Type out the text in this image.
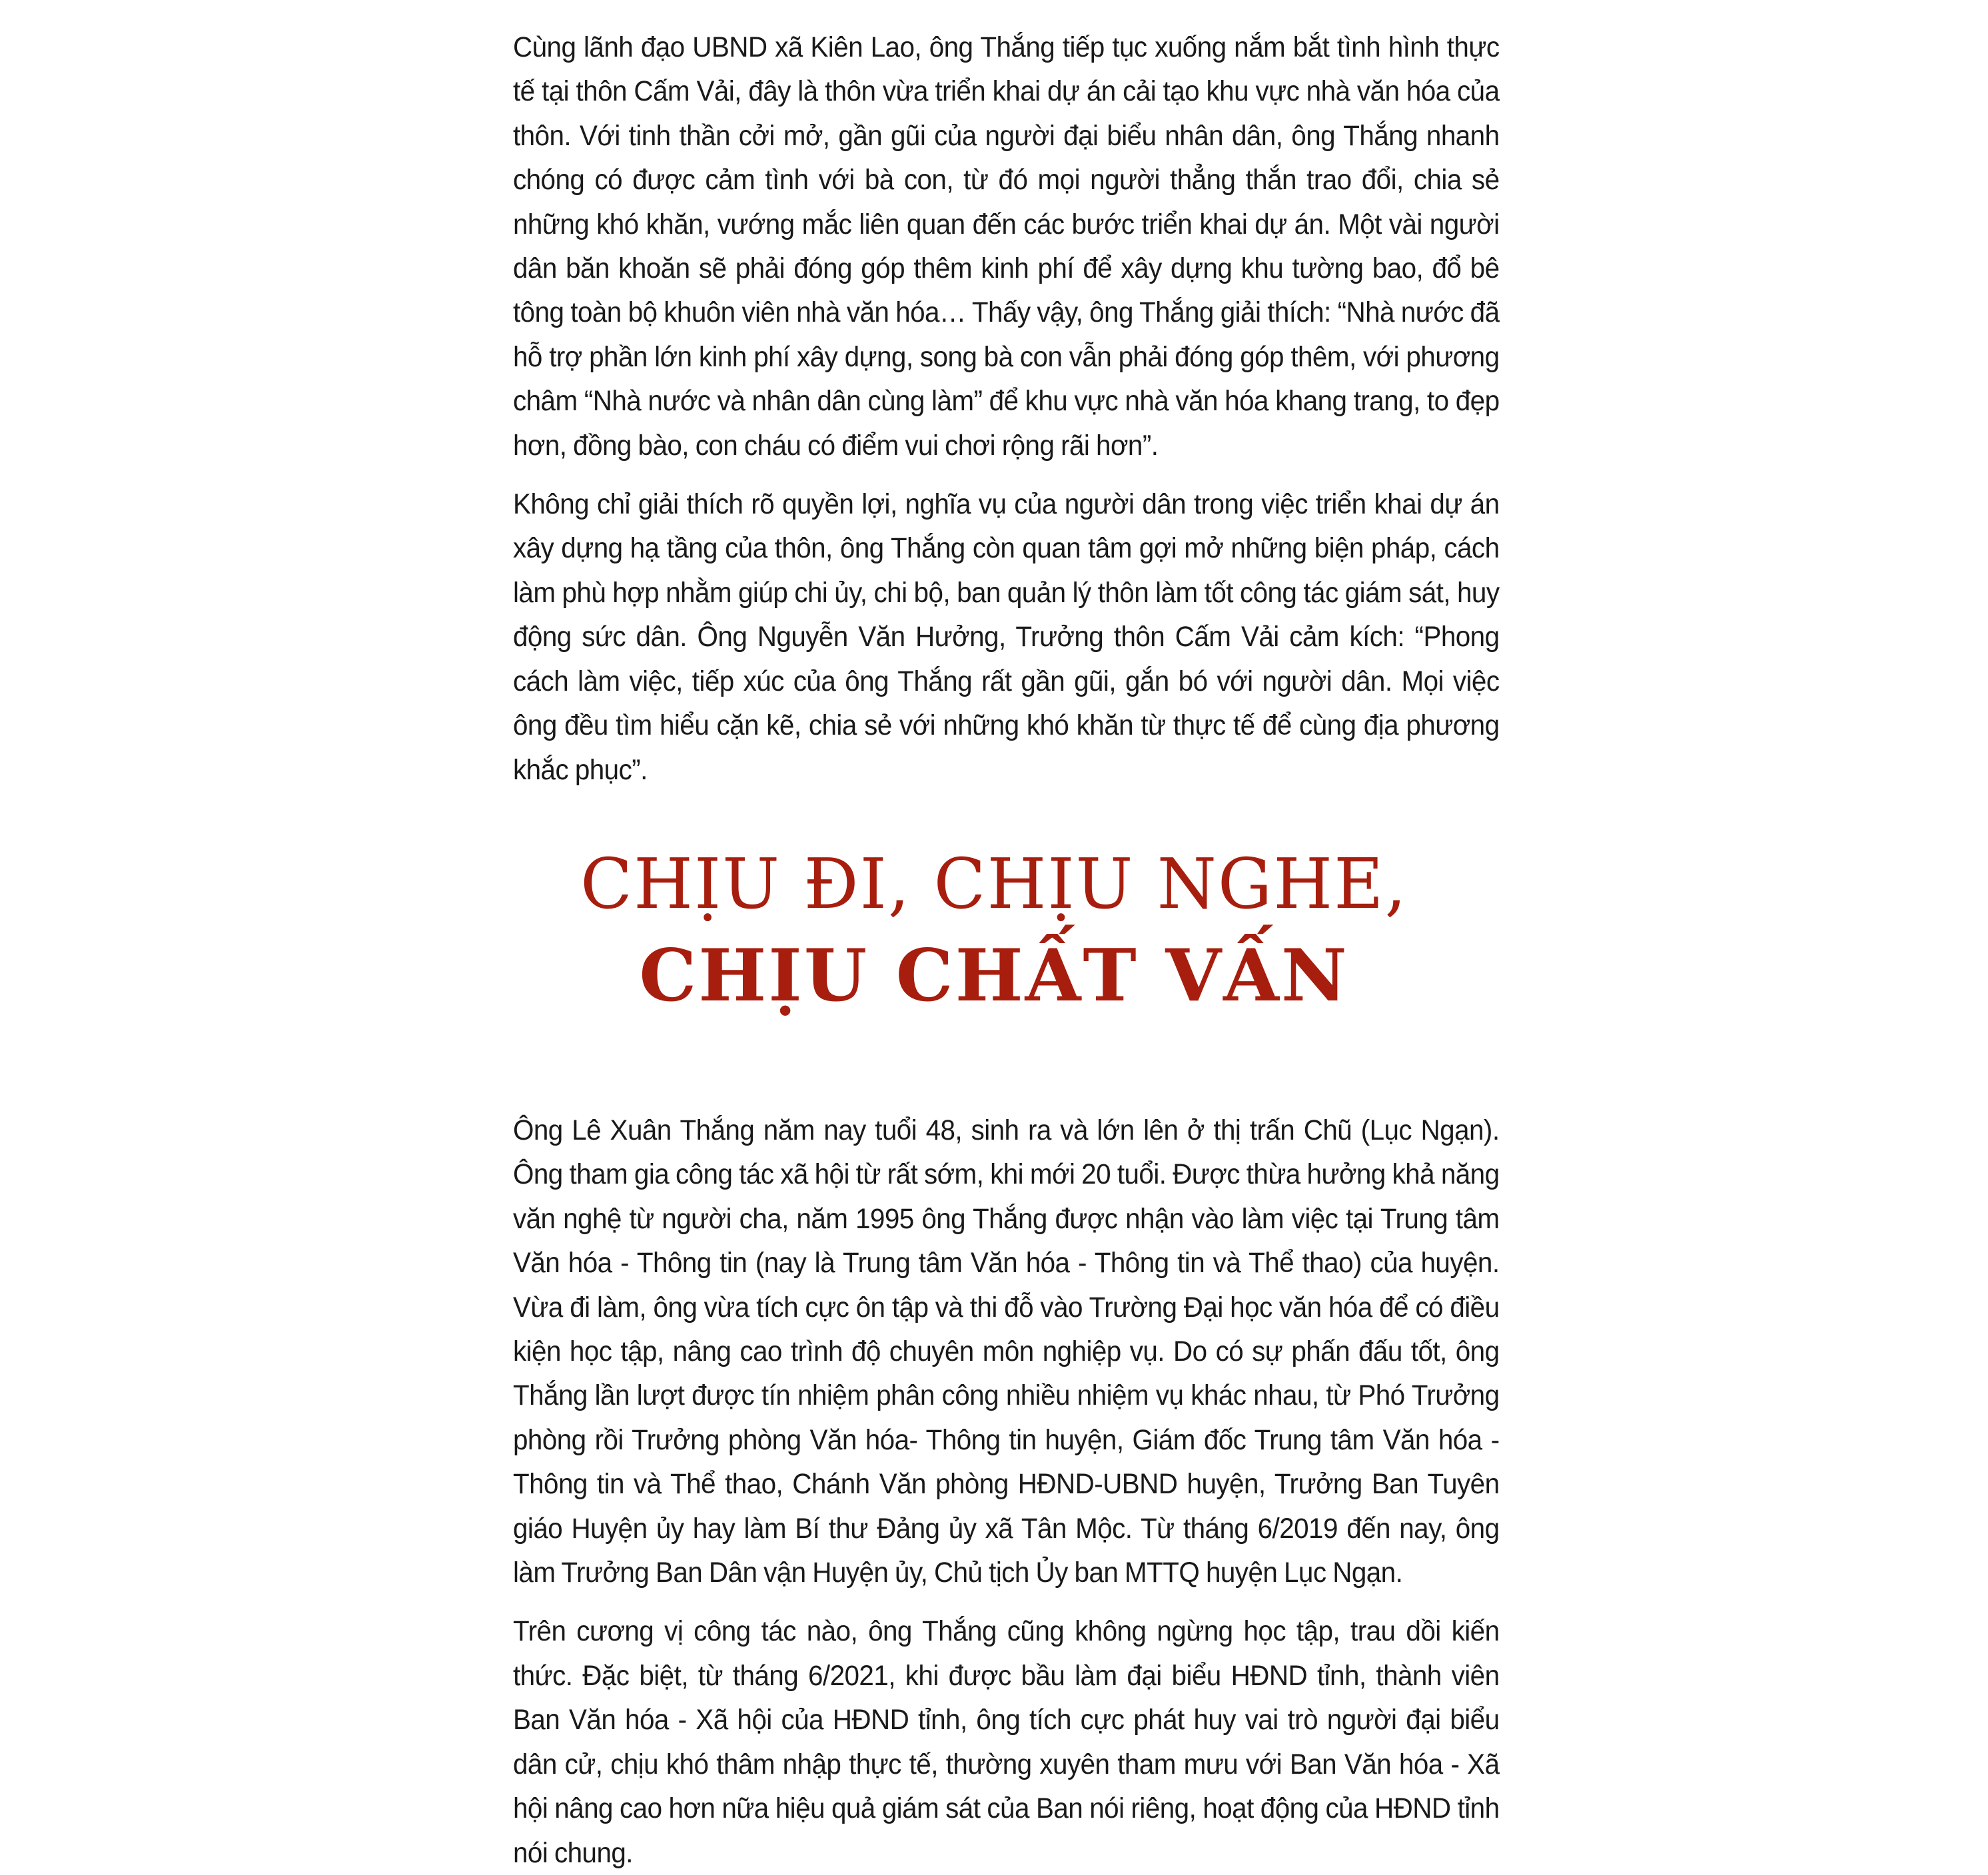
Cùng lãnh đạo UBND xã Kiên Lao, ông Thắng tiếp tục xuống nắm bắt tình hình thực tế tại thôn Cấm Vải, đây là thôn vừa triển khai dự án cải tạo khu vực nhà văn hóa của thôn. Với tinh thần cởi mở, gần gũi của người đại biểu nhân dân, ông Thắng nhanh chóng có được cảm tình với bà con, từ đó mọi người thẳng thắn trao đổi, chia sẻ những khó khăn, vướng mắc liên quan đến các bước triển khai dự án. Một vài người dân băn khoăn sẽ phải đóng góp thêm kinh phí để xây dựng khu tường bao, đổ bê tông toàn bộ khuôn viên nhà văn hóa… Thấy vậy, ông Thắng giải thích: “Nhà nước đã hỗ trợ phần lớn kinh phí xây dựng, song bà con vẫn phải đóng góp thêm, với phương châm “Nhà nước và nhân dân cùng làm” để khu vực nhà văn hóa khang trang, to đẹp hơn, đồng bào, con cháu có điểm vui chơi rộng rãi hơn”.

Không chỉ giải thích rõ quyền lợi, nghĩa vụ của người dân trong việc triển khai dự án xây dựng hạ tầng của thôn, ông Thắng còn quan tâm gợi mở những biện pháp, cách làm phù hợp nhằm giúp chi ủy, chi bộ, ban quản lý thôn làm tốt công tác giám sát, huy động sức dân. Ông Nguyễn Văn Hưởng, Trưởng thôn Cấm Vải cảm kích: “Phong cách làm việc, tiếp xúc của ông Thắng rất gần gũi, gắn bó với người dân. Mọi việc ông đều tìm hiểu cặn kẽ, chia sẻ với những khó khăn từ thực tế để cùng địa phương khắc phục”.

CHỊU ĐI, CHỊU NGHE,
CHỊU CHẤT VẤN

Ông Lê Xuân Thắng năm nay tuổi 48, sinh ra và lớn lên ở thị trấn Chũ (Lục Ngạn). Ông tham gia công tác xã hội từ rất sớm, khi mới 20 tuổi. Được thừa hưởng khả năng văn nghệ từ người cha, năm 1995 ông Thắng được nhận vào làm việc tại Trung tâm Văn hóa - Thông tin (nay là Trung tâm Văn hóa - Thông tin và Thể thao) của huyện. Vừa đi làm, ông vừa tích cực ôn tập và thi đỗ vào Trường Đại học văn hóa để có điều kiện học tập, nâng cao trình độ chuyên môn nghiệp vụ. Do có sự phấn đấu tốt, ông Thắng lần lượt được tín nhiệm phân công nhiều nhiệm vụ khác nhau, từ Phó Trưởng phòng rồi Trưởng phòng Văn hóa- Thông tin huyện, Giám đốc Trung tâm Văn hóa - Thông tin và Thể thao, Chánh Văn phòng HĐND-UBND huyện, Trưởng Ban Tuyên giáo Huyện ủy hay làm Bí thư Đảng ủy xã Tân Mộc. Từ tháng 6/2019 đến nay, ông làm Trưởng Ban Dân vận Huyện ủy, Chủ tịch Ủy ban MTTQ huyện Lục Ngạn.

Trên cương vị công tác nào, ông Thắng cũng không ngừng học tập, trau dồi kiến thức. Đặc biệt, từ tháng 6/2021, khi được bầu làm đại biểu HĐND tỉnh, thành viên Ban Văn hóa - Xã hội của HĐND tỉnh, ông tích cực phát huy vai trò người đại biểu dân cử, chịu khó thâm nhập thực tế, thường xuyên tham mưu với Ban Văn hóa - Xã hội nâng cao hơn nữa hiệu quả giám sát của Ban nói riêng, hoạt động của HĐND tỉnh nói chung.
